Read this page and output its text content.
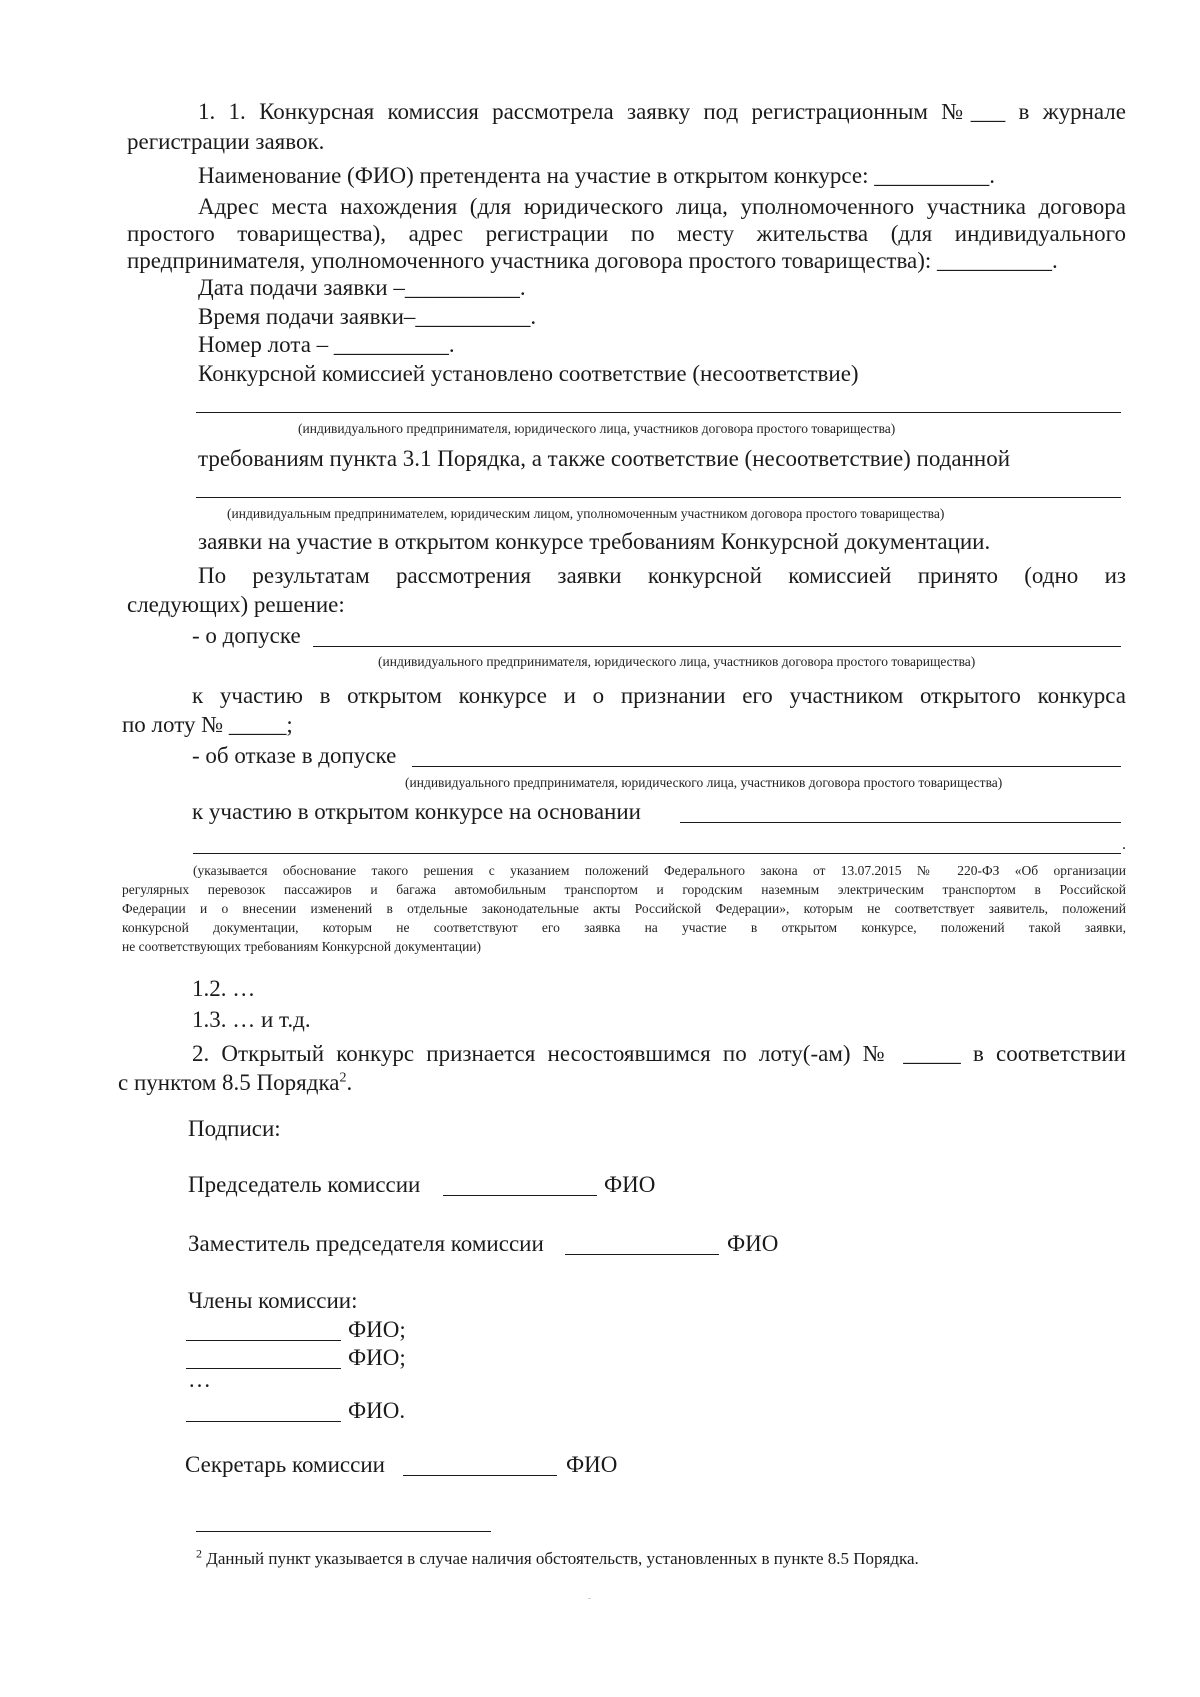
1. 1. Конкурсная комиссия рассмотрела заявку под регистрационным №___ в журнале
регистрации заявок.
Наименование (ФИО) претендента на участие в открытом конкурсе: __________.
Адрес места нахождения (для юридического лица, уполномоченного участника договора
простого товарищества), адрес регистрации по месту жительства (для индивидуального
предпринимателя, уполномоченного участника договора простого товарищества): __________.
Дата подачи заявки –__________.
Время подачи заявки–__________.
Номер лота – __________.
Конкурсной комиссией установлено соответствие (несоответствие)
(индивидуального предпринимателя, юридического лица, участников договора простого товарищества)
требованиям пункта 3.1 Порядка, а также соответствие (несоответствие) поданной
(индивидуальным предпринимателем, юридическим лицом, уполномоченным участником договора простого товарищества)
заявки на участие в открытом конкурсе требованиям Конкурсной документации.
По результатам рассмотрения заявки конкурсной комиссией принято (одно из
следующих) решение:
- о допуске
(индивидуального предпринимателя, юридического лица, участников договора простого товарищества)
к участию в открытом конкурсе и о признании его участником открытого конкурса
по лоту № _____;
- об отказе в допуске
(индивидуального предпринимателя, юридического лица, участников договора простого товарищества)
к участию в открытом конкурсе на основании
.
(указывается обоснование такого решения с указанием положений Федерального закона от 13.07.2015 № 220-ФЗ «Об организации
регулярных перевозок пассажиров и багажа автомобильным транспортом и городским наземным электрическим транспортом в Российской
Федерации и о внесении изменений в отдельные законодательные акты Российской Федерации», которым не соответствует заявитель, положений
конкурсной документации, которым не соответствуют его заявка на участие в открытом конкурсе, положений такой заявки,
не соответствующих требованиям Конкурсной документации)
1.2. …
1.3. … и т.д.
2. Открытый конкурс признается несостоявшимся по лоту(-ам) № _____ в соответствии
с пунктом 8.5 Порядка$^2$.
Подписи:
Председатель комиссии	ФИО
Заместитель председателя комиссии	ФИО
Члены комиссии:
ФИО;
ФИО;
…
ФИО.
Секретарь комиссии	ФИО
$^2$ Данный пункт указывается в случае наличия обстоятельств, установленных в пункте 8.5 Порядка.
